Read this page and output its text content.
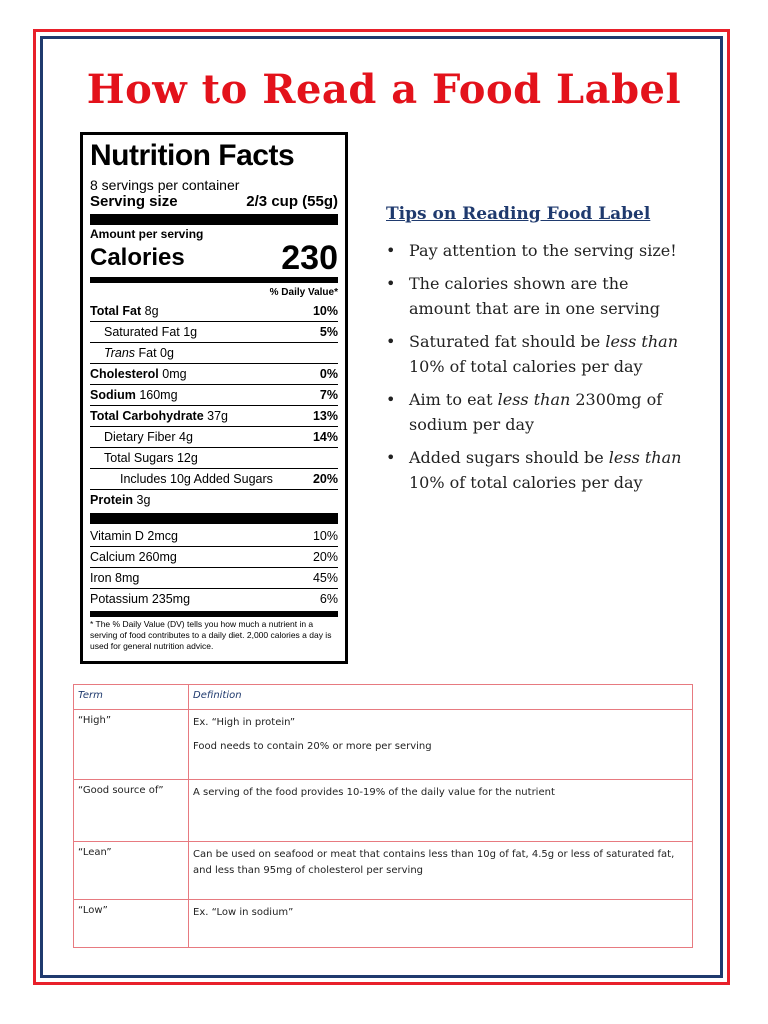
How to Read a Food Label
Nutrition Facts
8 servings per container
Serving size	2/3 cup (55g)
Amount per serving
Calories	230
% Daily Value*
Total Fat 8g	10%
Saturated Fat 1g	5%
Trans Fat 0g
Cholesterol 0mg	0%
Sodium 160mg	7%
Total Carbohydrate 37g	13%
Dietary Fiber 4g	14%
Total Sugars 12g
Includes 10g Added Sugars	20%
Protein 3g
Vitamin D 2mcg	10%
Calcium 260mg	20%
Iron 8mg	45%
Potassium 235mg	6%
* The % Daily Value (DV) tells you how much a nutrient in a serving of food contributes to a daily diet. 2,000 calories a day is used for general nutrition advice.
Tips on Reading Food Label
• Pay attention to the serving size!
• The calories shown are the amount that are in one serving
• Saturated fat should be less than 10% of total calories per day
• Aim to eat less than 2300mg of sodium per day
• Added sugars should be less than 10% of total calories per day
Term	Definition
“High”	Ex. “High in protein”

Food needs to contain 20% or more per serving

“Good source of”	A serving of the food provides 10-19% of the daily value for the nutrient

“Lean”	Can be used on seafood or meat that contains less than 10g of fat, 4.5g or less of saturated fat, and less than 95mg of cholesterol per serving

“Low”	Ex. “Low in sodium”
